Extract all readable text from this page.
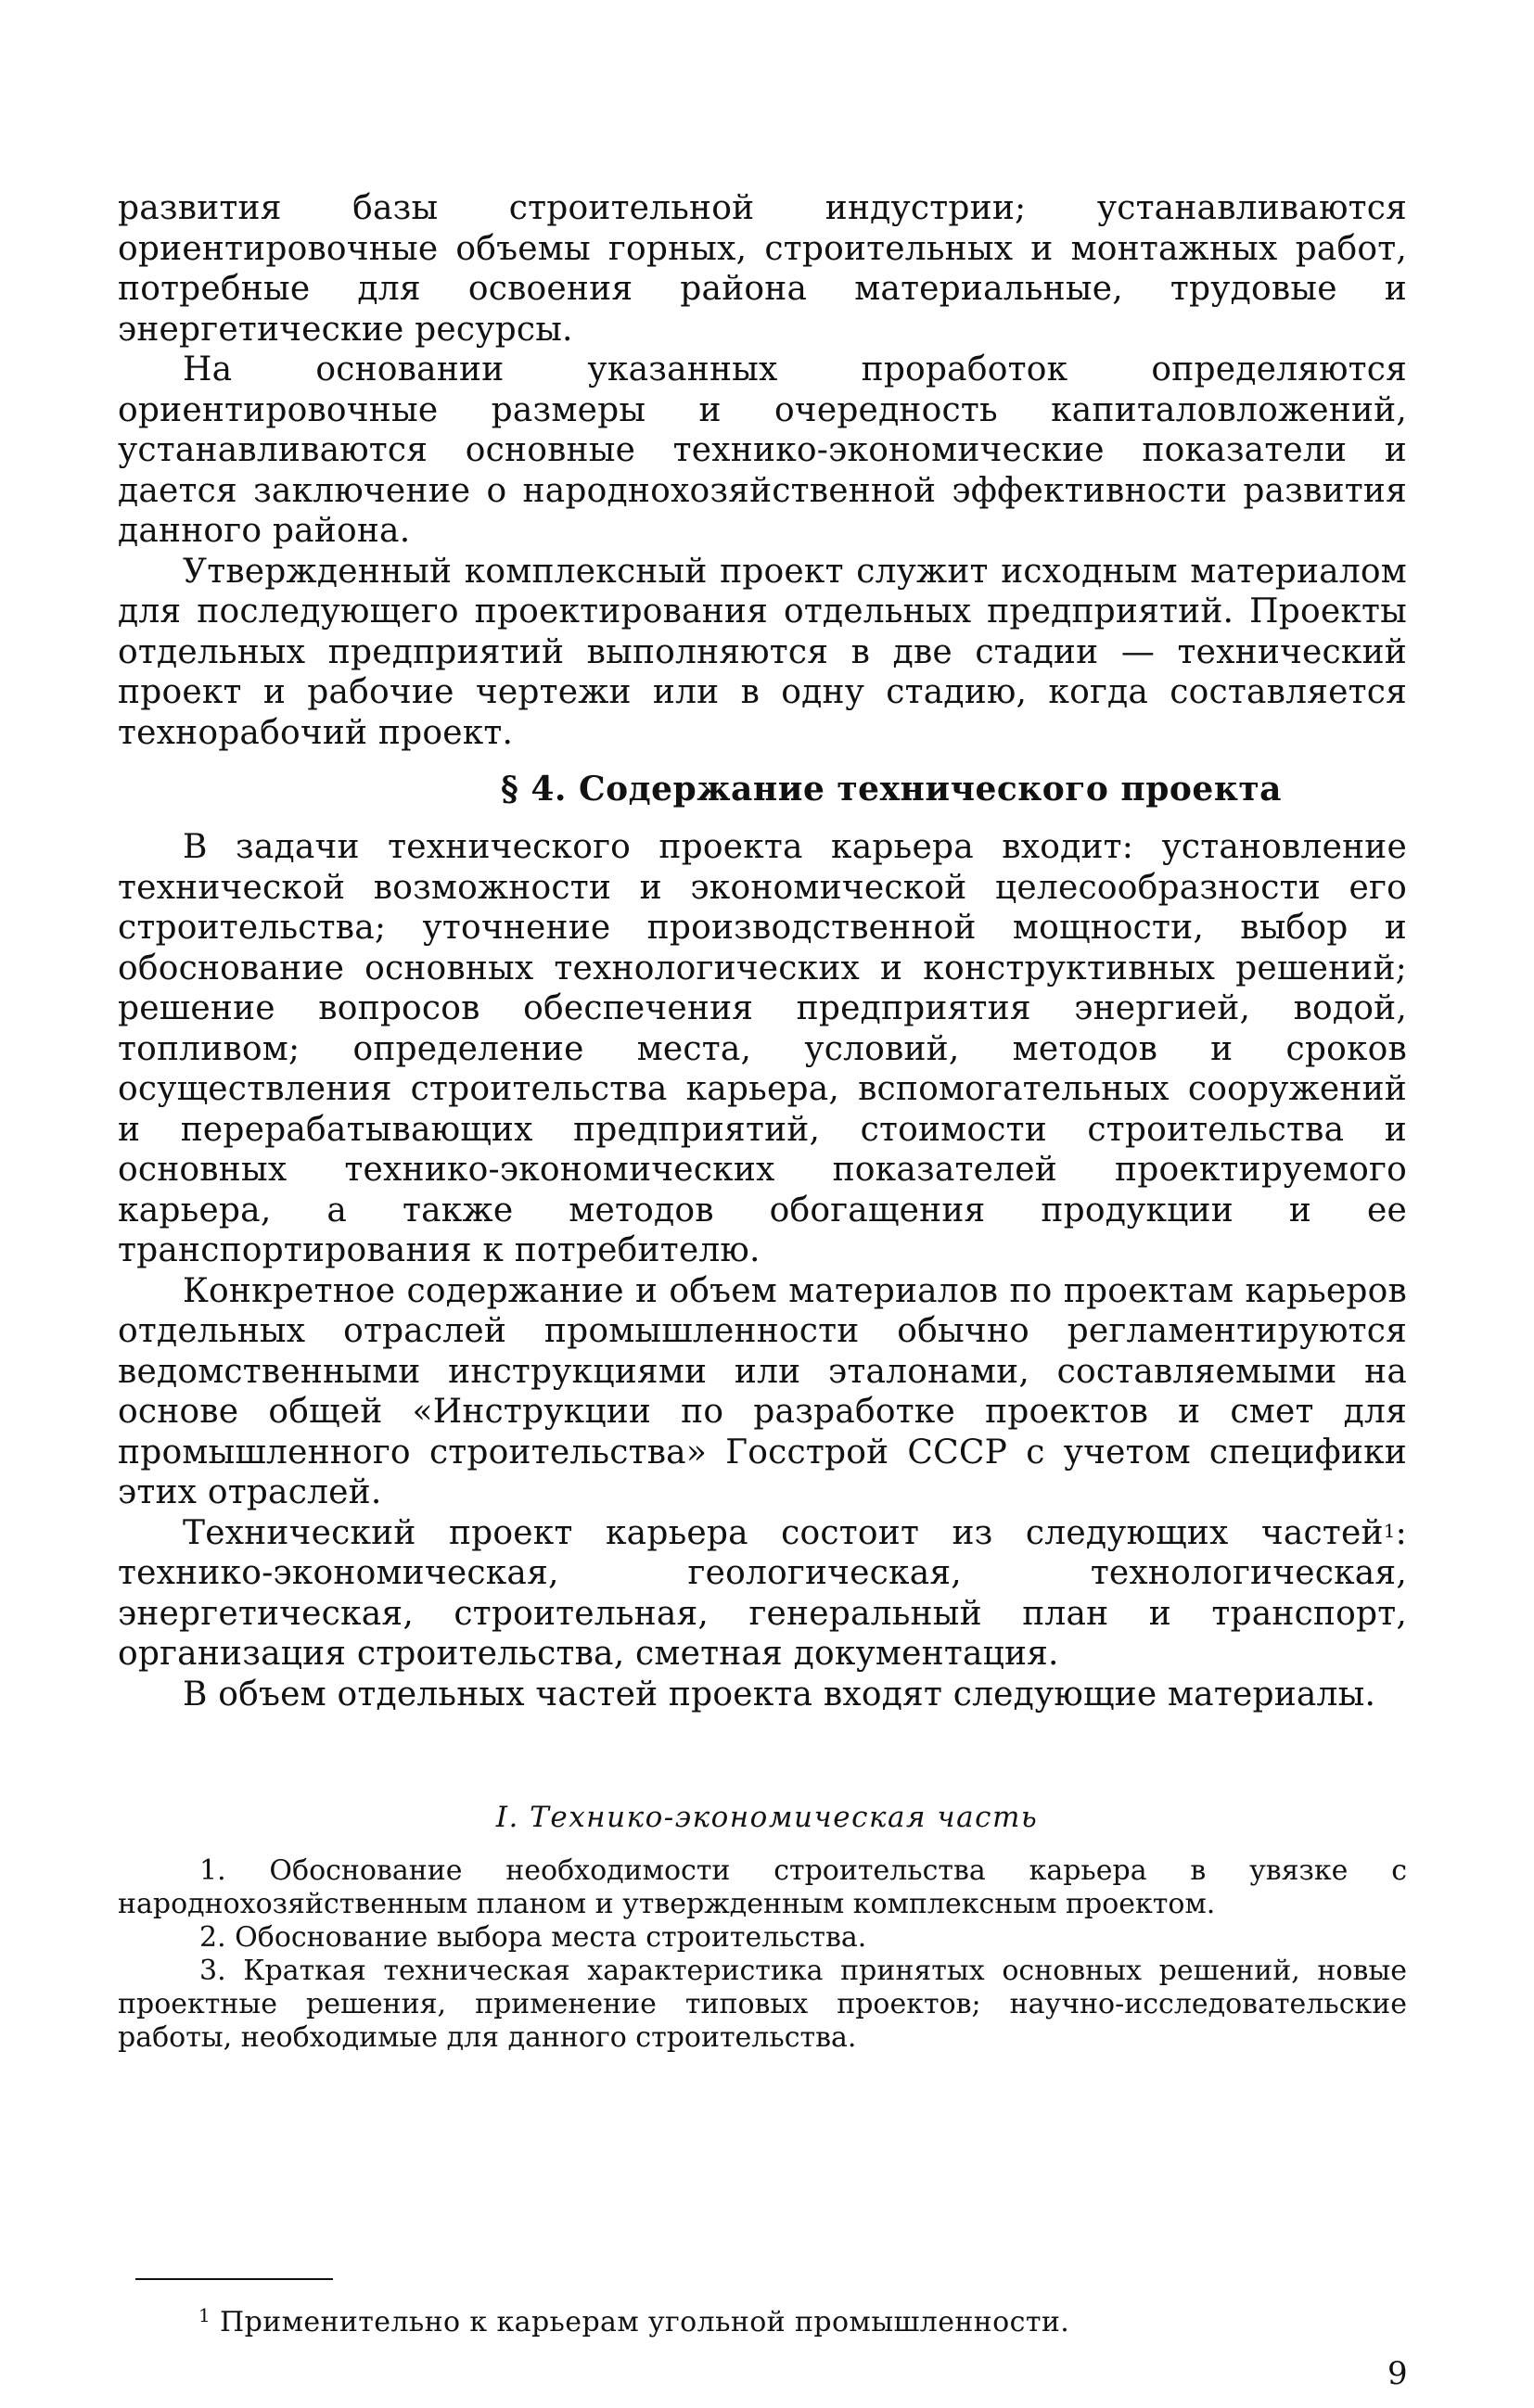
развития базы строительной индустрии; устанавливаются ориентировочные объемы горных, строительных и монтажных работ, потребные для освоения района материальные, трудовые и энергетические ресурсы.

На основании указанных проработок определяются ориентировочные размеры и очередность капиталовложений, устанавливаются основные технико-экономические показатели и дается заключение о народнохозяйственной эффективности развития данного района.

Утвержденный комплексный проект служит исходным материалом для последующего проектирования отдельных предприятий. Проекты отдельных предприятий выполняются в две стадии — технический проект и рабочие чертежи или в одну стадию, когда составляется технорабочий проект.

§ 4. Содержание технического проекта

В задачи технического проекта карьера входит: установление технической возможности и экономической целесообразности его строительства; уточнение производственной мощности, выбор и обоснование основных технологических и конструктивных решений; решение вопросов обеспечения предприятия энергией, водой, топливом; определение места, условий, методов и сроков осуществления строительства карьера, вспомогательных сооружений и перерабатывающих предприятий, стоимости строительства и основных технико-экономических показателей проектируемого карьера, а также методов обогащения продукции и ее транспортирования к потребителю.

Конкретное содержание и объем материалов по проектам карьеров отдельных отраслей промышленности обычно регламентируются ведомственными инструкциями или эталонами, составляемыми на основе общей «Инструкции по разработке проектов и смет для промышленного строительства» Госстрой СССР с учетом специфики этих отраслей.

Технический проект карьера состоит из следующих частей$^1$: технико-экономическая, геологическая, технологическая, энергетическая, строительная, генеральный план и транспорт, организация строительства, сметная документация.

В объем отдельных частей проекта входят следующие материалы.

I. Технико-экономическая часть

1. Обоснование необходимости строительства карьера в увязке с народнохозяйственным планом и утвержденным комплексным проектом.

2. Обоснование выбора места строительства.

3. Краткая техническая характеристика принятых основных решений, новые проектные решения, применение типовых проектов; научно-исследовательские работы, необходимые для данного строительства.

$^1$ Применительно к карьерам угольной промышленности.

9
